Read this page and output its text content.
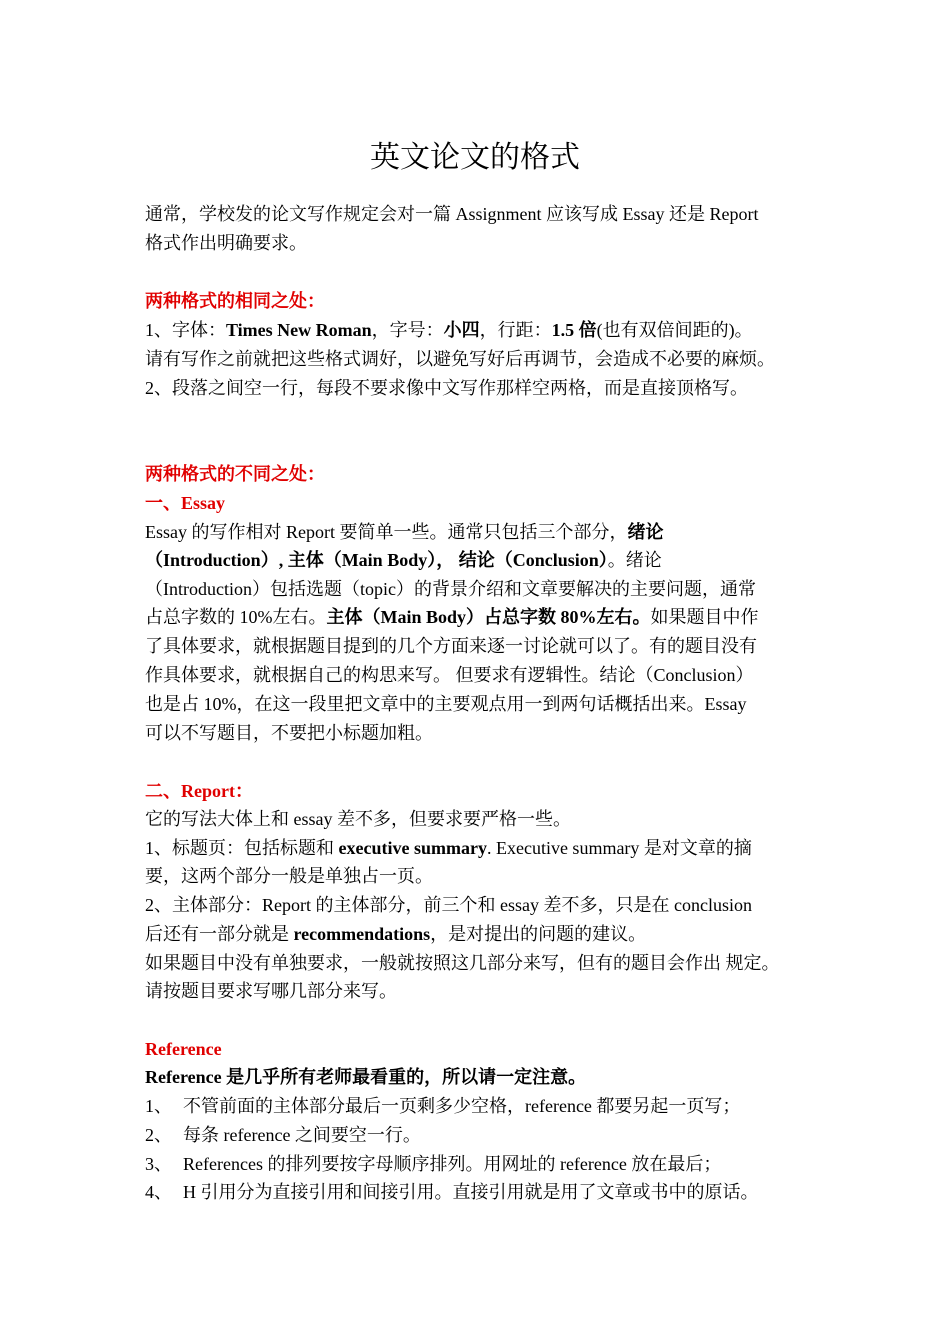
英文论文的格式
通常，学校发的论文写作规定会对一篇 Assignment 应该写成 Essay 还是 Report
格式作出明确要求。
两种格式的相同之处：
1、字体：Times New Roman，字号：小四，行距：1.5 倍(也有双倍间距的)。
请有写作之前就把这些格式调好，以避免写好后再调节，会造成不必要的麻烦。
2、段落之间空一行，每段不要求像中文写作那样空两格，而是直接顶格写。
两种格式的不同之处：
一、Essay
Essay 的写作相对 Report 要简单一些。通常只包括三个部分，绪论
（Introduction）, 主体（Main Body）， 结论（Conclusion）。绪论
（Introduction）包括选题（topic）的背景介绍和文章要解决的主要问题，通常
占总字数的 10%左右。主体（Main Body）占总字数 80%左右。如果题目中作
了具体要求，就根据题目提到的几个方面来逐一讨论就可以了。有的题目没有
作具体要求，就根据自己的构思来写。 但要求有逻辑性。结论（Conclusion）
也是占 10%，在这一段里把文章中的主要观点用一到两句话概括出来。Essay
可以不写题目，不要把小标题加粗。
二、Report：
它的写法大体上和 essay 差不多，但要求要严格一些。
1、标题页：包括标题和 executive summary. Executive summary 是对文章的摘
要，这两个部分一般是单独占一页。
2、主体部分：Report 的主体部分，前三个和 essay 差不多，只是在 conclusion
后还有一部分就是 recommendations，是对提出的问题的建议。
如果题目中没有单独要求，一般就按照这几部分来写，但有的题目会作出 规定。
请按题目要求写哪几部分来写。
Reference
Reference 是几乎所有老师最看重的，所以请一定注意。
1、 不管前面的主体部分最后一页剩多少空格，reference 都要另起一页写；
2、 每条 reference 之间要空一行。
3、 References 的排列要按字母顺序排列。用网址的 reference 放在最后；
4、 H 引用分为直接引用和间接引用。直接引用就是用了文章或书中的原话。
